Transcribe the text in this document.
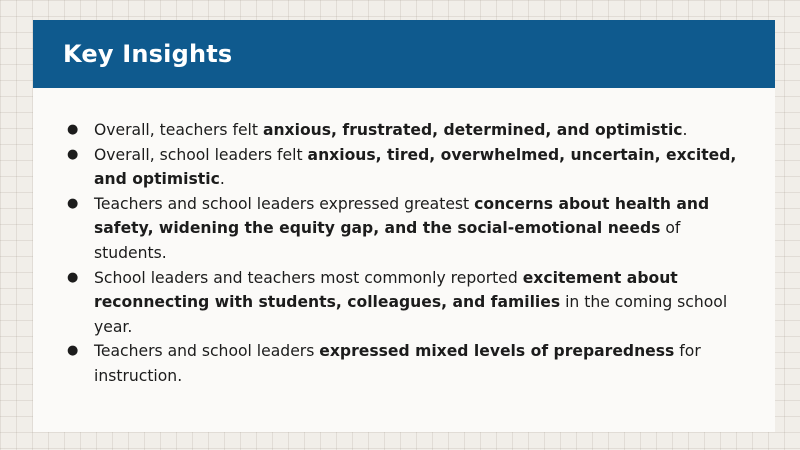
Key Insights
● Overall, teachers felt anxious, frustrated, determined, and optimistic.
● Overall, school leaders felt anxious, tired, overwhelmed, uncertain, excited, and optimistic.
● Teachers and school leaders expressed greatest concerns about health and safety, widening the equity gap, and the social-emotional needs of students.
● School leaders and teachers most commonly reported excitement about reconnecting with students, colleagues, and families in the coming school year.
● Teachers and school leaders expressed mixed levels of preparedness for instruction.
